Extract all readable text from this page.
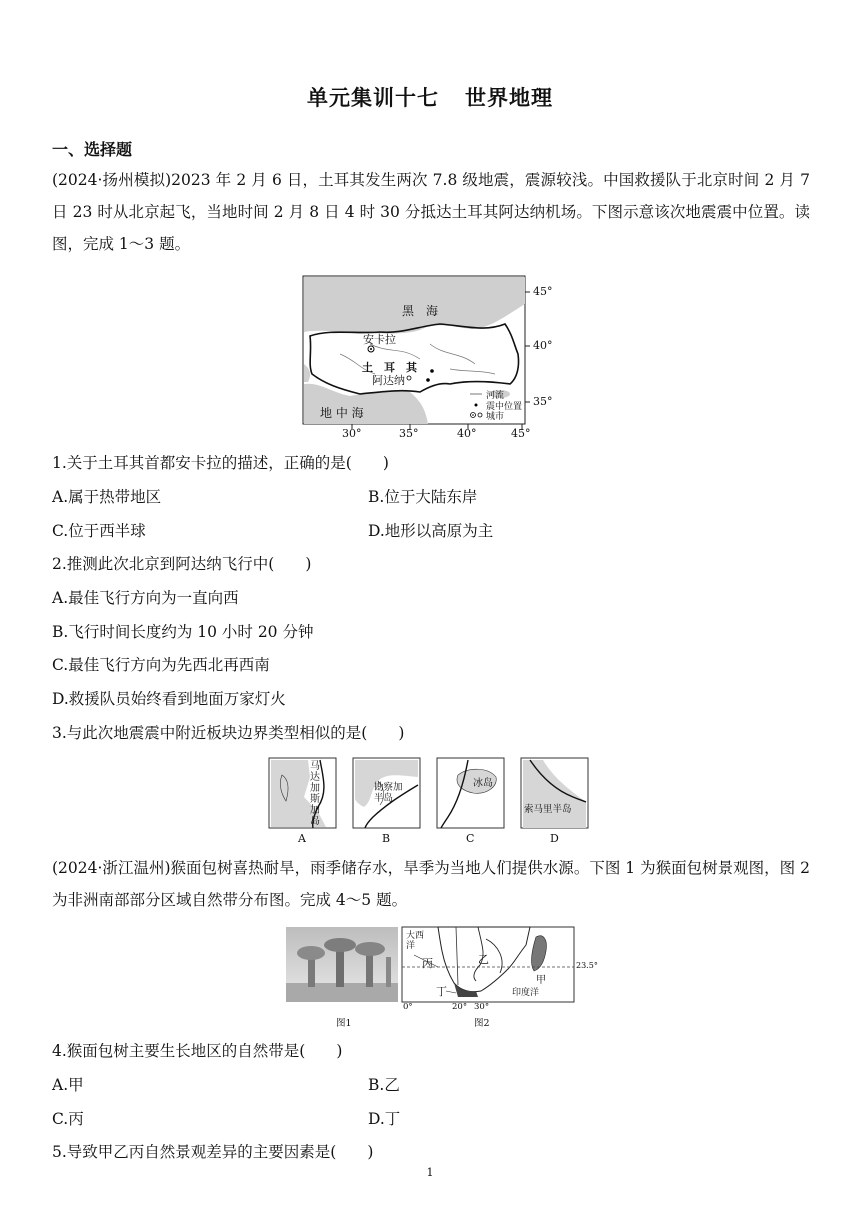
单元集训十七 世界地理
一、选择题
(2024·扬州模拟)2023 年 2 月 6 日，土耳其发生两次 7.8 级地震，震源较浅。中国救援队于北京时间 2 月 7 日 23 时从北京起飞，当地时间 2 月 8 日 4 时 30 分抵达土耳其阿达纳机场。下图示意该次地震震中位置。读图，完成 1～3 题。
黑　海
安卡拉
土　耳　其
阿达纳
地 中 海
45°
40°
35°
30°	35°	40°	45°
河流
震中位置
城市
1.关于土耳其首都安卡拉的描述，正确的是(　　)
A.属于热带地区	B.位于大陆东岸
C.位于西半球	D.地形以高原为主
2.推测此次北京到阿达纳飞行中(　　)
A.最佳飞行方向为一直向西
B.飞行时间长度约为 10 小时 20 分钟
C.最佳飞行方向为先西北再西南
D.救援队员始终看到地面万家灯火
3.与此次地震震中附近板块边界类型相似的是(　　)
马达加斯加岛
勘察加半岛
冰岛
索马里半岛
A	B	C	D
(2024·浙江温州)猴面包树喜热耐旱，雨季储存水，旱季为当地人们提供水源。下图 1 为猴面包树景观图，图 2 为非洲南部部分区域自然带分布图。完成 4～5 题。
大西
洋
丙	乙
甲
丁	印度洋
23.5°
0°	20° 30°
图1	图2
4.猴面包树主要生长地区的自然带是(　　)
A.甲	B.乙
C.丙	D.丁
5.导致甲乙丙自然景观差异的主要因素是(　　)
1
